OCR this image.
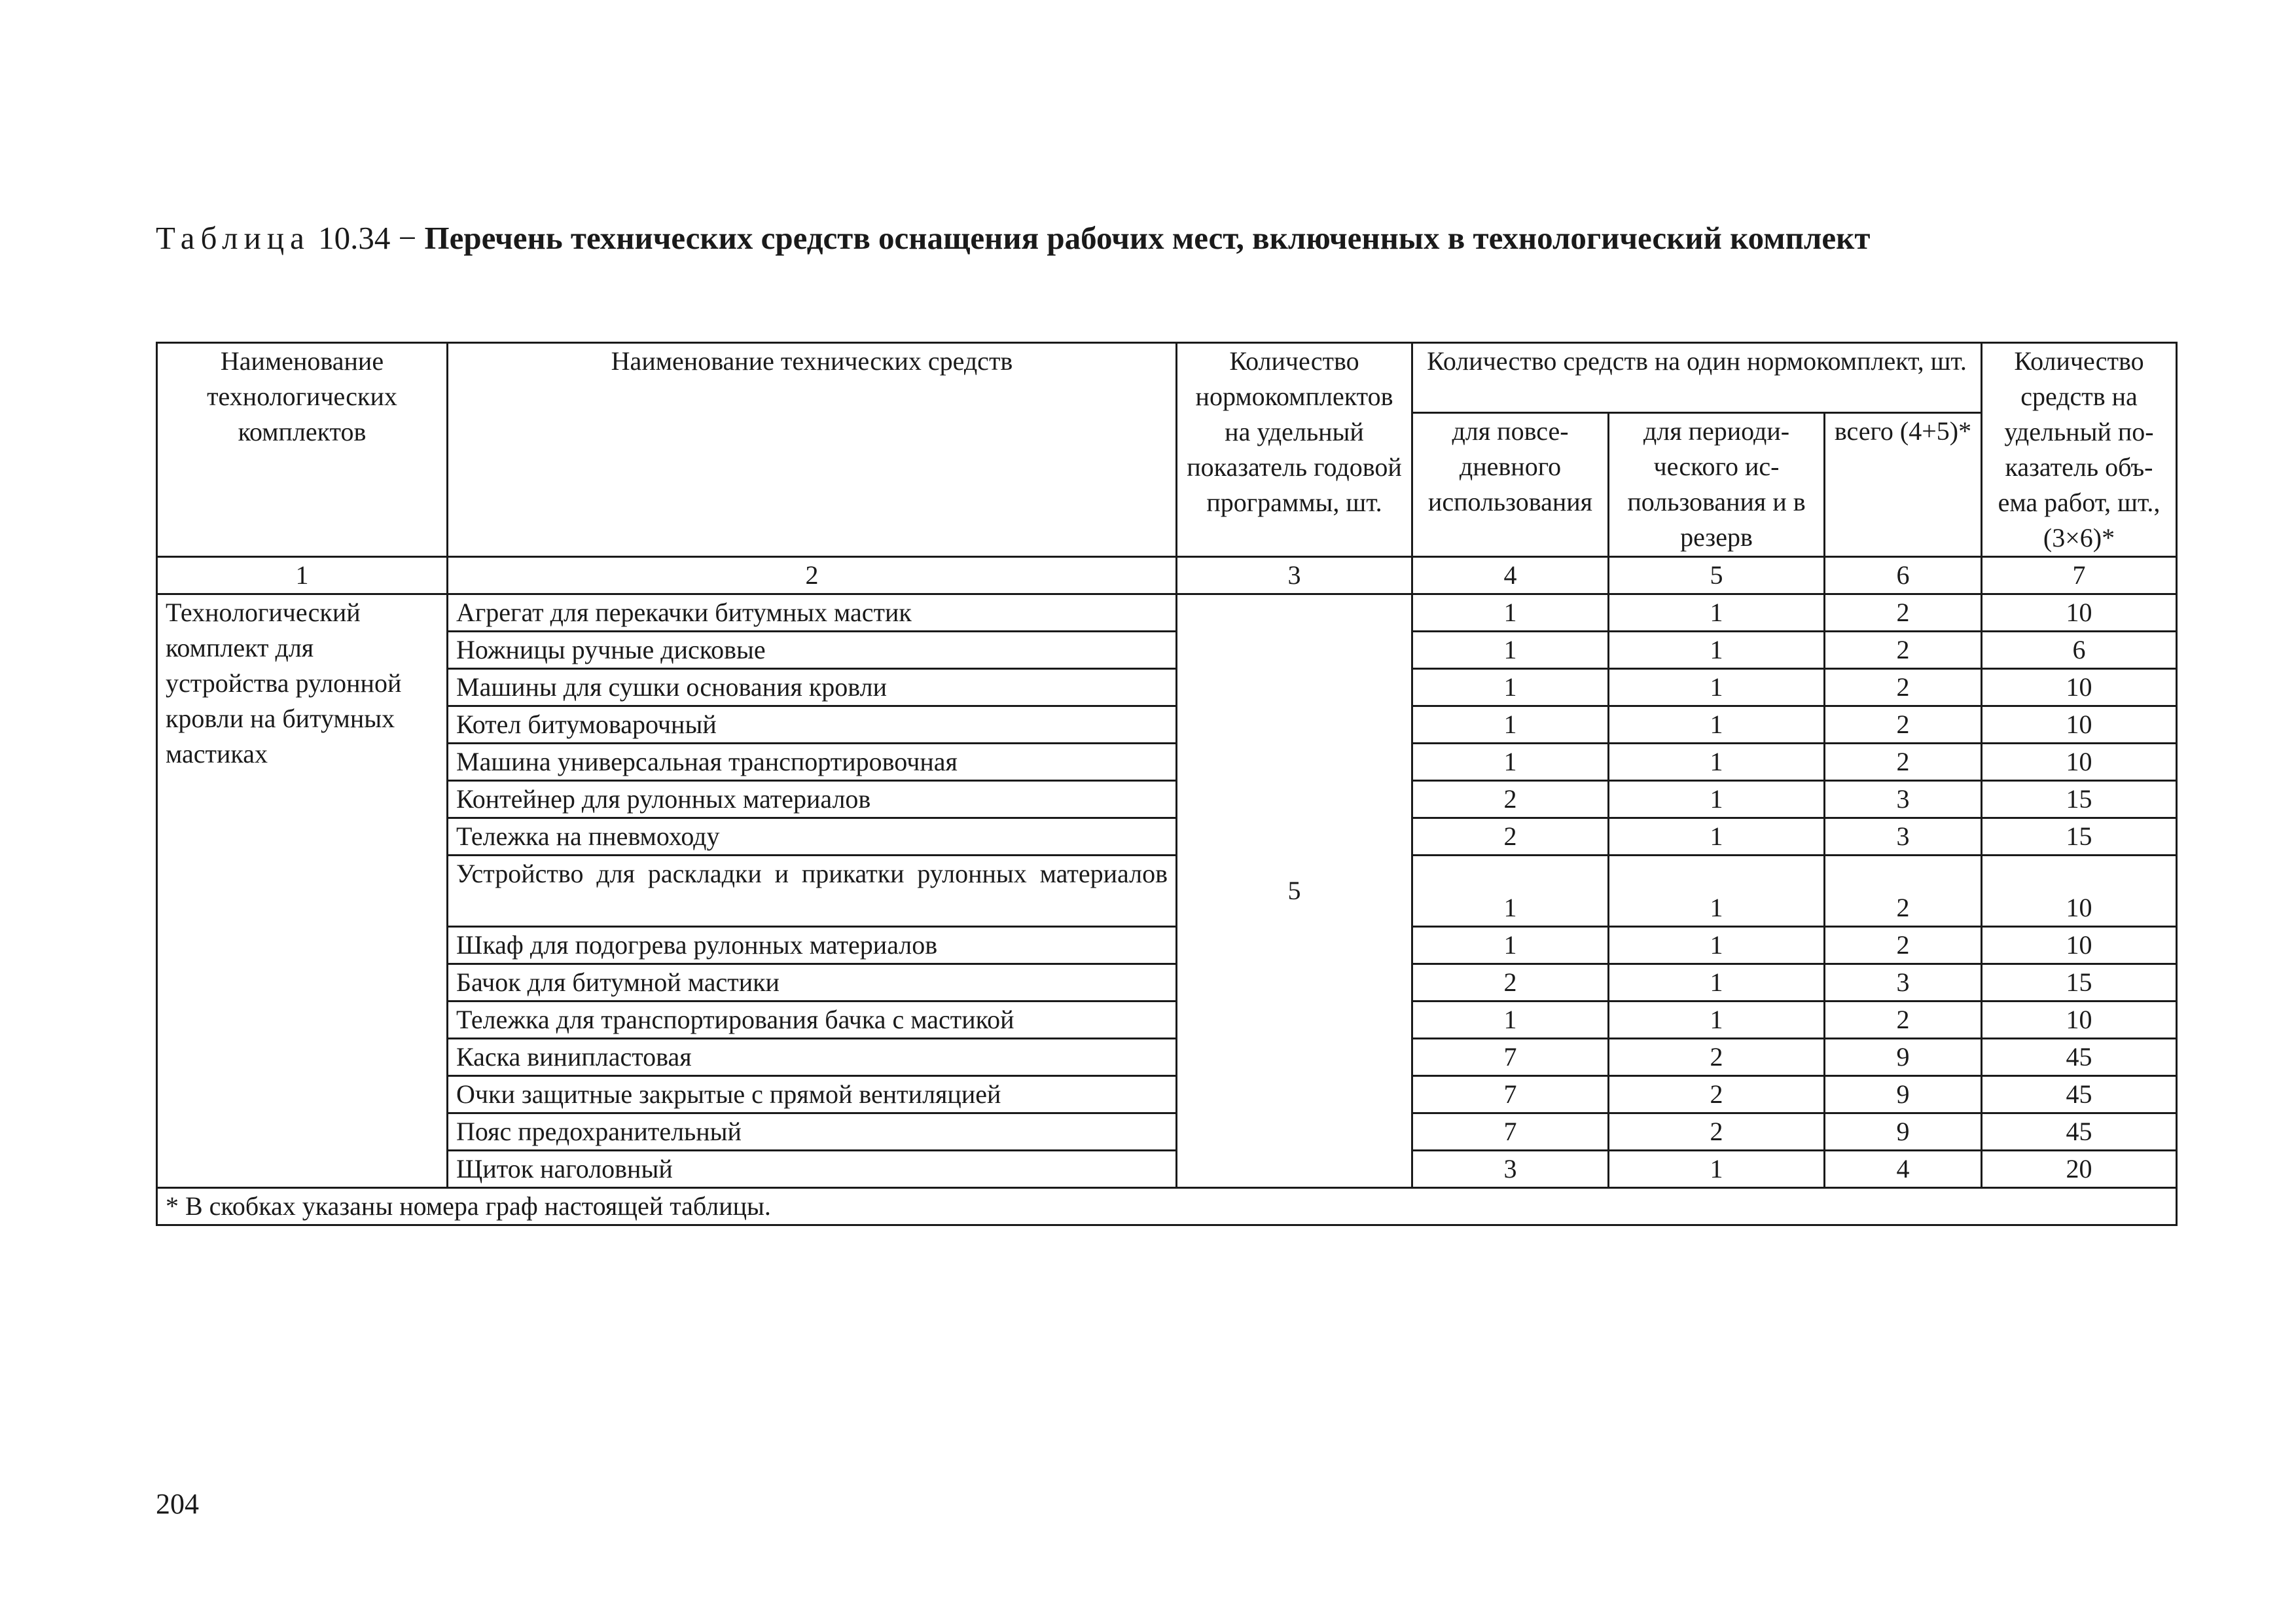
Таблица 10.34 − Перечень технических средств оснащения рабочих мест, включенных в технологический комплект
Наименование технологических комплектов	Наименование технических средств	Количество нормокомплектов на удельный показатель годовой программы, шт.	Количество средств на один нормокомплект, шт.			Количество средств на удельный показатель объема работ, шт., (3×6)*
			для повседневного использования	для периодического использования и в резерв	всего (4+5)*	
1	2	3	4	5	6	7
Технологический комплект для устройства рулонной кровли на битумных мастиках	Агрегат для перекачки битумных мастик	5	1	1	2	10
	Ножницы ручные дисковые		1	1	2	6
	Машины для сушки основания кровли		1	1	2	10
	Котел битумоварочный		1	1	2	10
	Машина универсальная транспортировочная		1	1	2	10
	Контейнер для рулонных материалов		2	1	3	15
	Тележка на пневмоходу		2	1	3	15
	Устройство для раскладки и прикатки рулонных материалов		1	1	2	10
	Шкаф для подогрева рулонных материалов		1	1	2	10
	Бачок для битумной мастики		2	1	3	15
	Тележка для транспортирования бачка с мастикой		1	1	2	10
	Каска винипластовая		7	2	9	45
	Очки защитные закрытые с прямой вентиляцией		7	2	9	45
	Пояс предохранительный		7	2	9	45
	Щиток наголовный		3	1	4	20
* В скобках указаны номера граф настоящей таблицы.						
204
